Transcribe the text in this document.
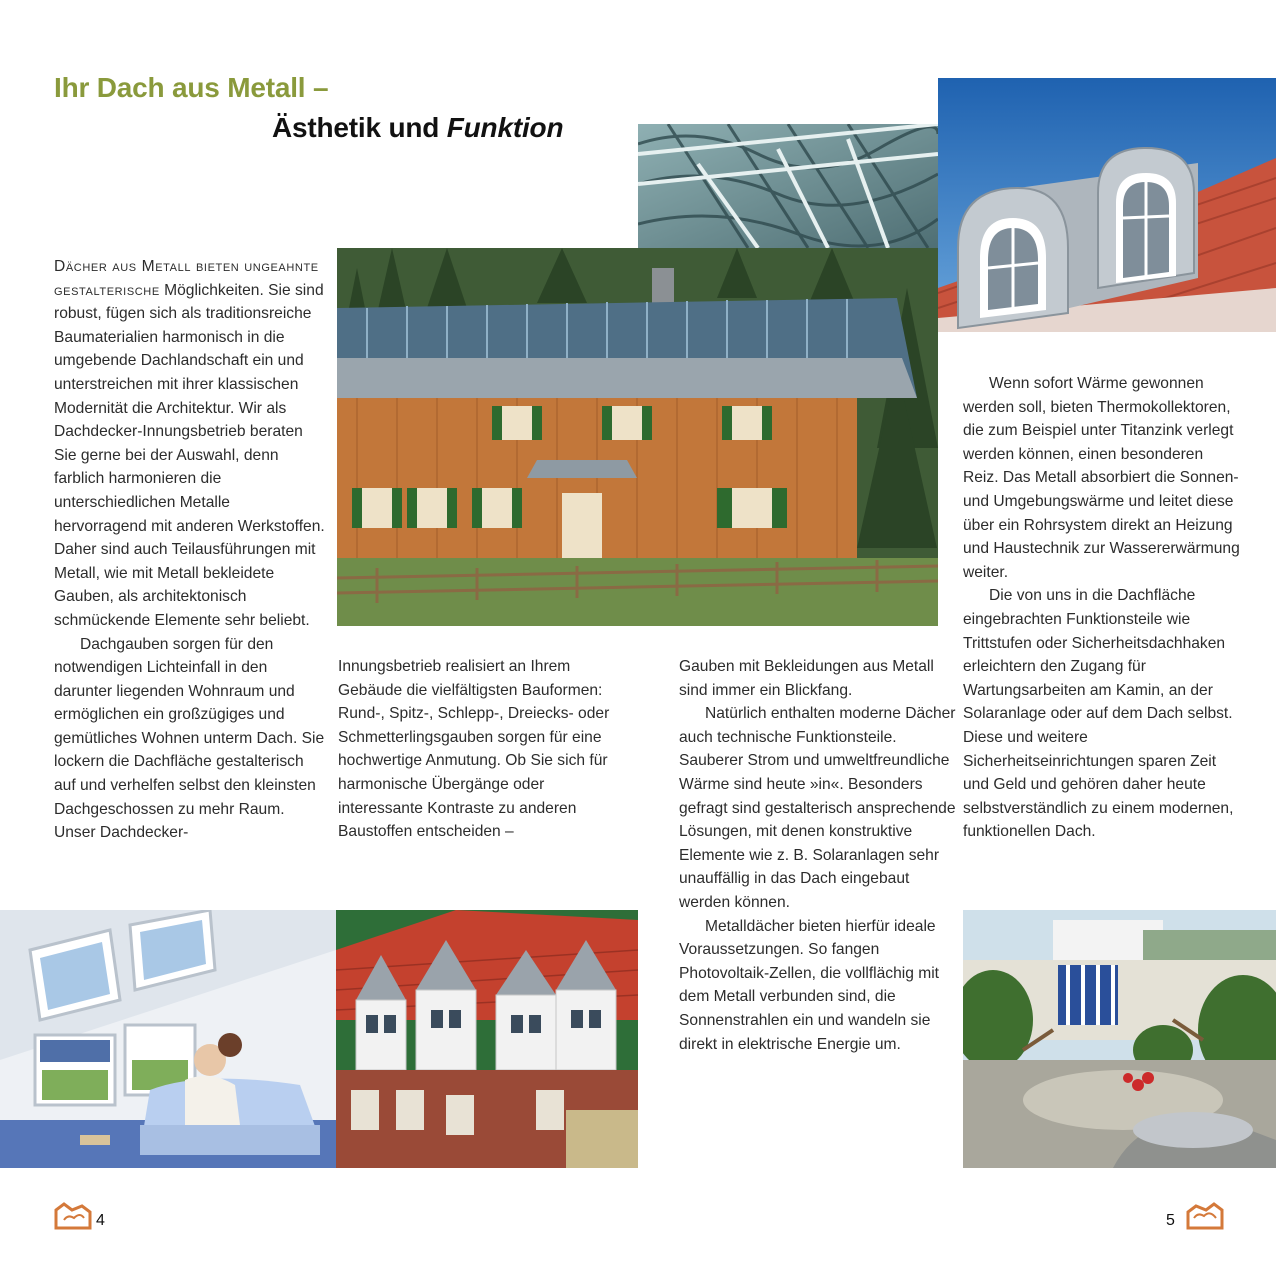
Ihr Dach aus Metall –
Ästhetik und Funktion

Dächer aus Metall bieten ungeahnte gestalterische Möglichkeiten. Sie sind robust, fügen sich als traditionsreiche Baumaterialien harmonisch in die umgebende Dachlandschaft ein und unterstreichen mit ihrer klassischen Modernität die Architektur. Wir als Dachdecker-Innungsbetrieb beraten Sie gerne bei der Auswahl, denn farblich harmonieren die unterschiedlichen Metalle hervorragend mit anderen Werkstoffen. Daher sind auch Teilausführungen mit Metall, wie mit Metall bekleidete Gauben, als architektonisch schmückende Elemente sehr beliebt.

Dachgauben sorgen für den notwendigen Lichteinfall in den darunter liegenden Wohnraum und ermöglichen ein großzügiges und gemütliches Wohnen unterm Dach. Sie lockern die Dachfläche gestalterisch auf und verhelfen selbst den kleinsten Dachgeschossen zu mehr Raum. Unser Dachdecker-

Innungsbetrieb realisiert an Ihrem Gebäude die vielfältigsten Bauformen: Rund-, Spitz-, Schlepp-, Dreiecks- oder Schmetterlingsgauben sorgen für eine hochwertige Anmutung. Ob Sie sich für harmonische Übergänge oder interessante Kontraste zu anderen Baustoffen entscheiden –

Gauben mit Bekleidungen aus Metall sind immer ein Blickfang.

Natürlich enthalten moderne Dächer auch technische Funktionsteile. Sauberer Strom und umweltfreundliche Wärme sind heute »in«. Besonders gefragt sind gestalterisch ansprechende Lösungen, mit denen konstruktive Elemente wie z. B. Solaranlagen sehr unauffällig in das Dach eingebaut werden können.

Metalldächer bieten hierfür ideale Voraussetzungen. So fangen Photovoltaik-Zellen, die vollflächig mit dem Metall verbunden sind, die Sonnenstrahlen ein und wandeln sie direkt in elektrische Energie um.

Wenn sofort Wärme gewonnen werden soll, bieten Thermokollektoren, die zum Beispiel unter Titanzink verlegt werden können, einen besonderen Reiz. Das Metall absorbiert die Sonnen- und Umgebungswärme und leitet diese über ein Rohrsystem direkt an Heizung und Haustechnik zur Wassererwärmung weiter.

Die von uns in die Dachfläche eingebrachten Funktionsteile wie Trittstufen oder Sicherheitsdachhaken erleichtern den Zugang für Wartungsarbeiten am Kamin, an der Solaranlage oder auf dem Dach selbst. Diese und weitere Sicherheitseinrichtungen sparen Zeit und Geld und gehören daher heute selbstverständlich zu einem modernen, funktionellen Dach.

4	5
